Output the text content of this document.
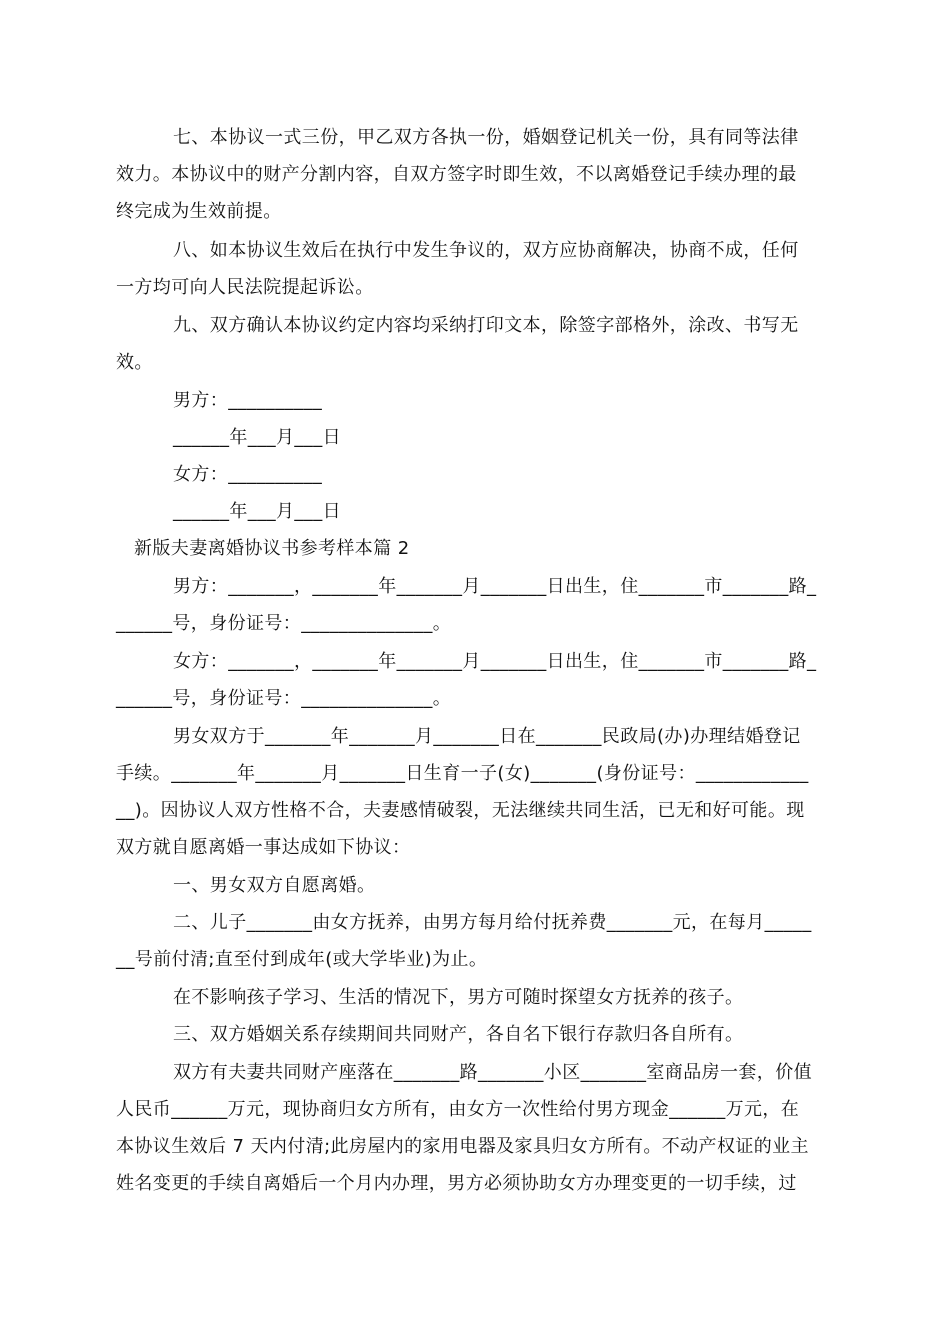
七、本协议一式三份，甲乙双方各执一份，婚姻登记机关一份，具有同等法律
效力。本协议中的财产分割内容，自双方签字时即生效，不以离婚登记手续办理的最
终完成为生效前提。
八、如本协议生效后在执行中发生争议的，双方应协商解决，协商不成，任何
一方均可向人民法院提起诉讼。
九、双方确认本协议约定内容均采纳打印文本，除签字部格外，涂改、书写无
效。
男方：__________
______年___月___日
女方：__________
______年___月___日
新版夫妻离婚协议书参考样本篇 2
男方：_______，_______年_______月_______日出生，住_______市_______路_
______号，身份证号：______________。
女方：_______，_______年_______月_______日出生，住_______市_______路_
______号，身份证号：______________。
男女双方于_______年_______月_______日在_______民政局(办)办理结婚登记
手续。_______年_______月_______日生育一子(女)_______(身份证号：____________
__)。因协议人双方性格不合，夫妻感情破裂，无法继续共同生活，已无和好可能。现
双方就自愿离婚一事达成如下协议：
一、男女双方自愿离婚。
二、儿子_______由女方抚养，由男方每月给付抚养费_______元，在每月_____
__号前付清;直至付到成年(或大学毕业)为止。
在不影响孩子学习、生活的情况下，男方可随时探望女方抚养的孩子。
三、双方婚姻关系存续期间共同财产，各自名下银行存款归各自所有。
双方有夫妻共同财产座落在_______路_______小区_______室商品房一套，价值
人民币______万元，现协商归女方所有，由女方一次性给付男方现金______万元，在
本协议生效后 7 天内付清;此房屋内的家用电器及家具归女方所有。不动产权证的业主
姓名变更的手续自离婚后一个月内办理，男方必须协助女方办理变更的一切手续，过
